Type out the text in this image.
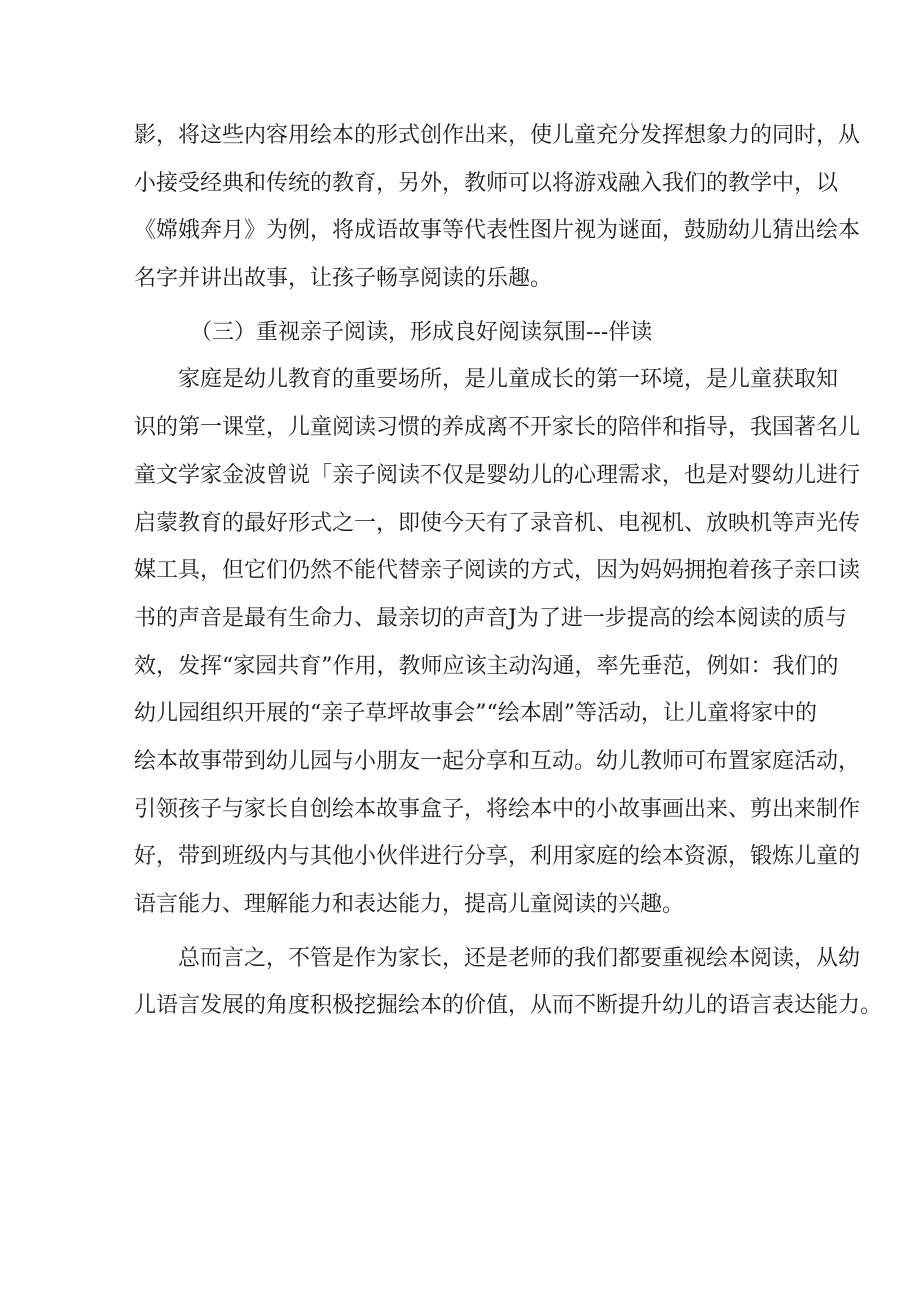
影，将这些内容用绘本的形式创作出来，使儿童充分发挥想象力的同时，从
小接受经典和传统的教育，另外，教师可以将游戏融入我们的教学中，以
《嫦娥奔月》为例，将成语故事等代表性图片视为谜面，鼓励幼儿猜出绘本
名字并讲出故事，让孩子畅享阅读的乐趣。
（三）重视亲子阅读，形成良好阅读氛围---伴读
家庭是幼儿教育的重要场所，是儿童成长的第一环境，是儿童获取知
识的第一课堂，儿童阅读习惯的养成离不开家长的陪伴和指导，我国著名儿
童文学家金波曾说「亲子阅读不仅是婴幼儿的心理需求，也是对婴幼儿进行
启蒙教育的最好形式之一，即使今天有了录音机、电视机、放映机等声光传
媒工具，但它们仍然不能代替亲子阅读的方式，因为妈妈拥抱着孩子亲口读
书的声音是最有生命力、最亲切的声音J为了进一步提高的绘本阅读的质与
效，发挥“家园共育”作用，教师应该主动沟通，率先垂范，例如：我们的
幼儿园组织开展的“亲子草坪故事会”“绘本剧”等活动，让儿童将家中的
绘本故事带到幼儿园与小朋友一起分享和互动。幼儿教师可布置家庭活动，
引领孩子与家长自创绘本故事盒子，将绘本中的小故事画出来、剪出来制作
好，带到班级内与其他小伙伴进行分享，利用家庭的绘本资源，锻炼儿童的
语言能力、理解能力和表达能力，提高儿童阅读的兴趣。
总而言之，不管是作为家长，还是老师的我们都要重视绘本阅读，从幼
儿语言发展的角度积极挖掘绘本的价值，从而不断提升幼儿的语言表达能力。
